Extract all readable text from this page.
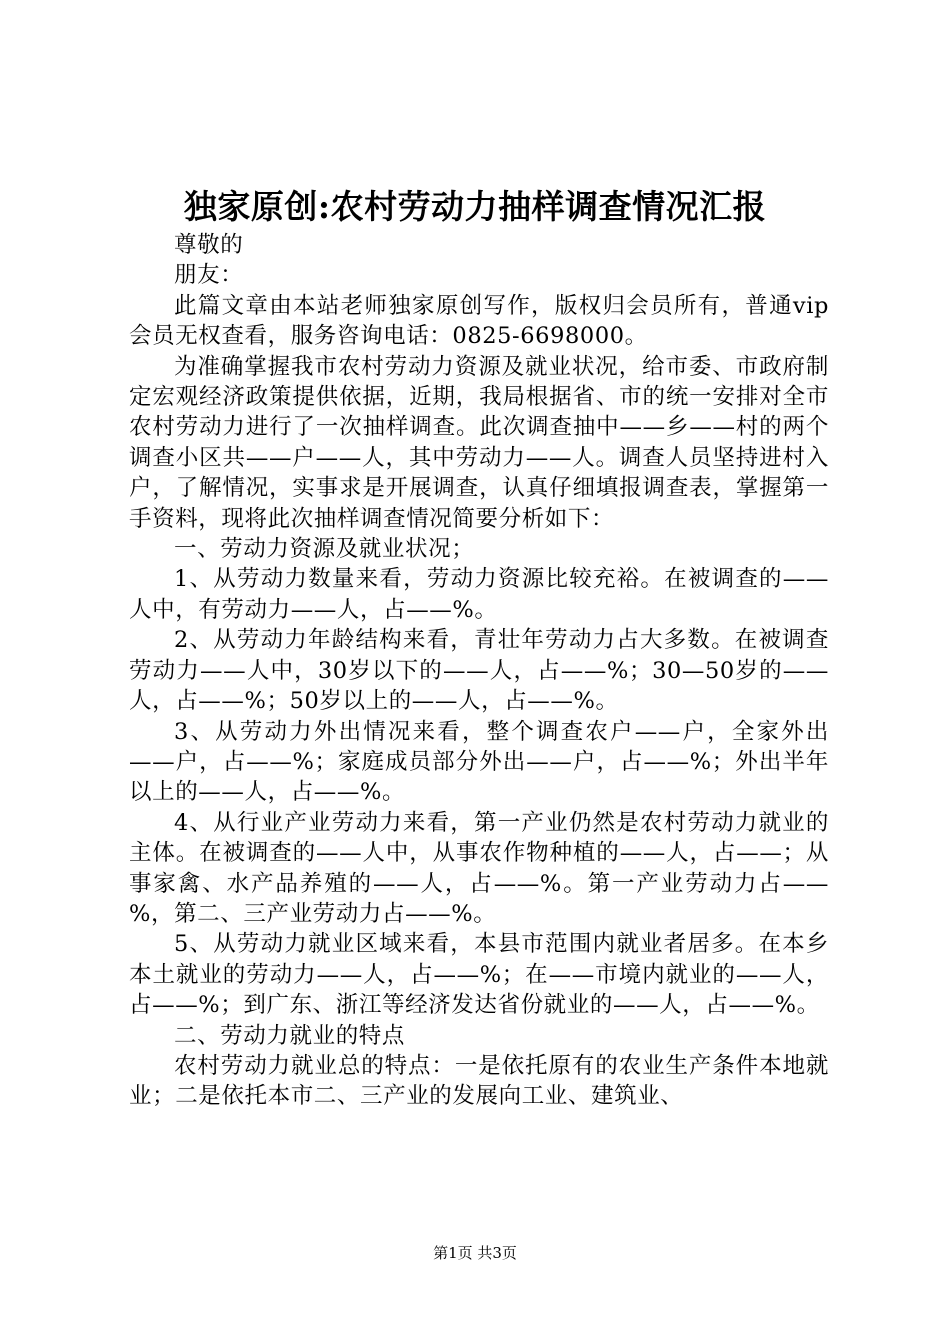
独家原创:农村劳动力抽样调查情况汇报

尊敬的

朋友：

此篇文章由本站老师独家原创写作，版权归会员所有，普通vip会员无权查看，服务咨询电话：0825-6698000。

为准确掌握我市农村劳动力资源及就业状况，给市委、市政府制定宏观经济政策提供依据，近期，我局根据省、市的统一安排对全市农村劳动力进行了一次抽样调查。此次调查抽中——乡——村的两个调查小区共——户——人，其中劳动力——人。调查人员坚持进村入户，了解情况，实事求是开展调查，认真仔细填报调查表，掌握第一手资料，现将此次抽样调查情况简要分析如下：

一、劳动力资源及就业状况；

1、从劳动力数量来看，劳动力资源比较充裕。在被调查的——人中，有劳动力——人，占——%。

2、从劳动力年龄结构来看，青壮年劳动力占大多数。在被调查劳动力——人中，30岁以下的——人，占——%；30—50岁的——人，占——%；50岁以上的——人，占——%。

3、从劳动力外出情况来看，整个调查农户——户，全家外出——户，占——%；家庭成员部分外出——户，占——%；外出半年以上的——人，占——%。

4、从行业产业劳动力来看，第一产业仍然是农村劳动力就业的主体。在被调查的——人中，从事农作物种植的——人，占——；从事家禽、水产品养殖的——人，占——%。第一产业劳动力占——%，第二、三产业劳动力占——%。

5、从劳动力就业区域来看，本县市范围内就业者居多。在本乡本土就业的劳动力——人，占——%；在——市境内就业的——人，占——%；到广东、浙江等经济发达省份就业的——人，占——%。

二、劳动力就业的特点

农村劳动力就业总的特点：一是依托原有的农业生产条件本地就业；二是依托本市二、三产业的发展向工业、建筑业、

第1页 共3页
